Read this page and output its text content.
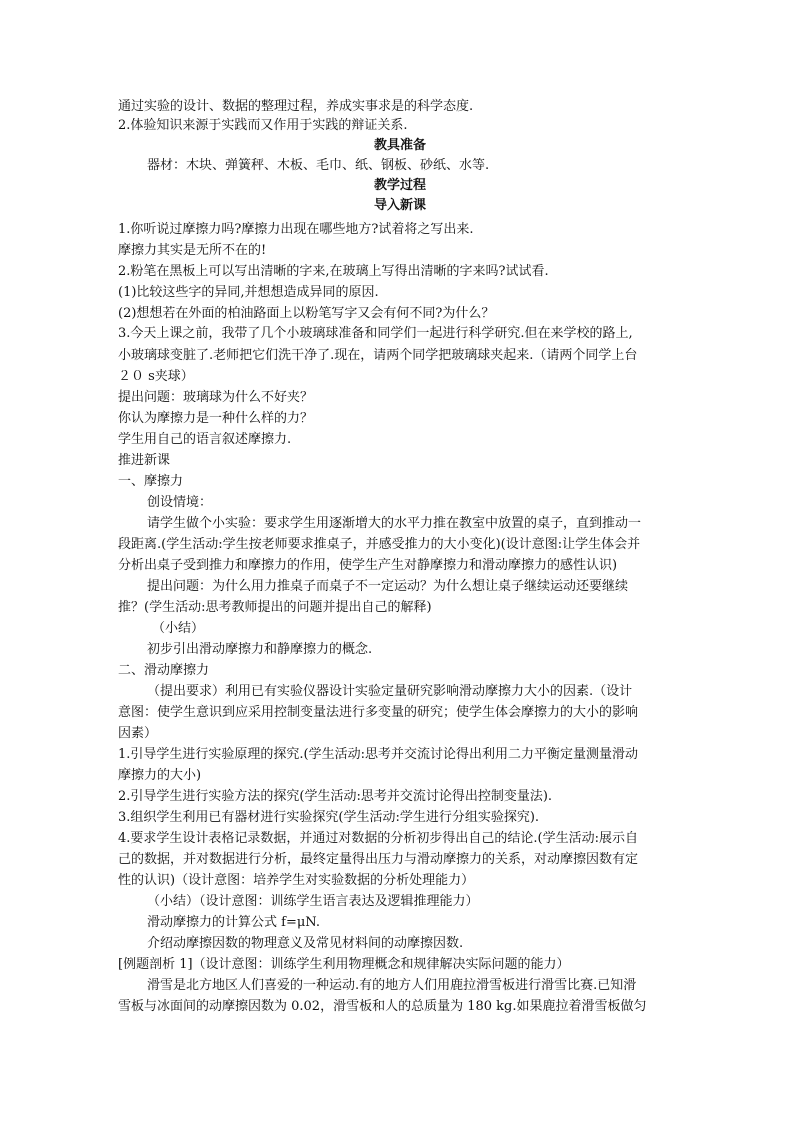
通过实验的设计、数据的整理过程，养成实事求是的科学态度.
2.体验知识来源于实践而又作用于实践的辩证关系.
教具准备
器材：木块、弹簧秤、木板、毛巾、纸、钢板、砂纸、水等.
教学过程
导入新课
1.你听说过摩擦力吗?摩擦力出现在哪些地方?试着将之写出来.
摩擦力其实是无所不在的!
2.粉笔在黑板上可以写出清晰的字来,在玻璃上写得出清晰的字来吗?试试看.
(1)比较这些字的异同,并想想造成异同的原因.
(2)想想若在外面的柏油路面上以粉笔写字又会有何不同?为什么？
3.今天上课之前，我带了几个小玻璃球准备和同学们一起进行科学研究.但在来学校的路上,
小玻璃球变脏了.老师把它们洗干净了.现在，请两个同学把玻璃球夹起来.（请两个同学上台
２０ s夹球）
提出问题：玻璃球为什么不好夹？
你认为摩擦力是一种什么样的力？
学生用自己的语言叙述摩擦力.
推进新课
一、摩擦力
创设情境：
请学生做个小实验：要求学生用逐渐增大的水平力推在教室中放置的桌子，直到推动一
段距离.(学生活动:学生按老师要求推桌子，并感受推力的大小变化)(设计意图:让学生体会并
分析出桌子受到推力和摩擦力的作用，使学生产生对静摩擦力和滑动摩擦力的感性认识)
提出问题：为什么用力推桌子而桌子不一定运动？为什么想让桌子继续运动还要继续
推？(学生活动:思考教师提出的问题并提出自己的解释)
（小结）
初步引出滑动摩擦力和静摩擦力的概念.
二、滑动摩擦力
（提出要求）利用已有实验仪器设计实验定量研究影响滑动摩擦力大小的因素.（设计
意图：使学生意识到应采用控制变量法进行多变量的研究；使学生体会摩擦力的大小的影响
因素）
1.引导学生进行实验原理的探究.(学生活动:思考并交流讨论得出利用二力平衡定量测量滑动
摩擦力的大小)
2.引导学生进行实验方法的探究(学生活动:思考并交流讨论得出控制变量法).
3.组织学生利用已有器材进行实验探究(学生活动:学生进行分组实验探究).
4.要求学生设计表格记录数据，并通过对数据的分析初步得出自己的结论.(学生活动:展示自
己的数据，并对数据进行分析，最终定量得出压力与滑动摩擦力的关系，对动摩擦因数有定
性的认识)（设计意图：培养学生对实验数据的分析处理能力）
（小结）（设计意图：训练学生语言表达及逻辑推理能力）
滑动摩擦力的计算公式 f=μN.
介绍动摩擦因数的物理意义及常见材料间的动摩擦因数.
[例题剖析 1]（设计意图：训练学生利用物理概念和规律解决实际问题的能力）
滑雪是北方地区人们喜爱的一种运动.有的地方人们用鹿拉滑雪板进行滑雪比赛.已知滑
雪板与冰面间的动摩擦因数为 0.02，滑雪板和人的总质量为 180 kg.如果鹿拉着滑雪板做匀
